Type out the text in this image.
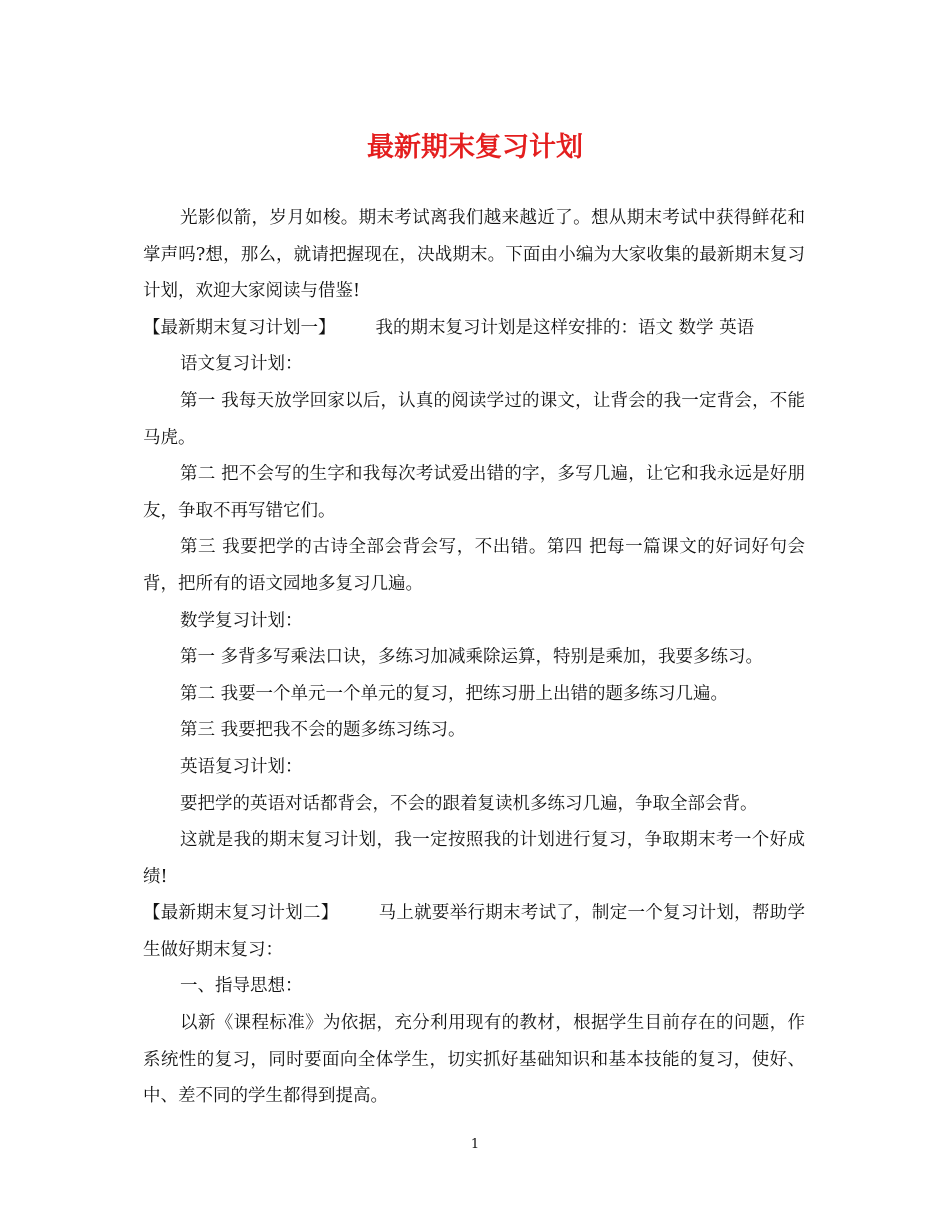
最新期末复习计划

光影似箭，岁月如梭。期末考试离我们越来越近了。想从期末考试中获得鲜花和掌声吗?想，那么，就请把握现在，决战期末。下面由小编为大家收集的最新期末复习计划，欢迎大家阅读与借鉴!

【最新期末复习计划一】 我的期末复习计划是这样安排的：语文 数学 英语

语文复习计划：

第一 我每天放学回家以后，认真的阅读学过的课文，让背会的我一定背会，不能马虎。

第二 把不会写的生字和我每次考试爱出错的字，多写几遍，让它和我永远是好朋友，争取不再写错它们。

第三 我要把学的古诗全部会背会写，不出错。第四 把每一篇课文的好词好句会背，把所有的语文园地多复习几遍。

数学复习计划：

第一 多背多写乘法口诀，多练习加减乘除运算，特别是乘加，我要多练习。

第二 我要一个单元一个单元的复习，把练习册上出错的题多练习几遍。

第三 我要把我不会的题多练习练习。

英语复习计划：

要把学的英语对话都背会，不会的跟着复读机多练习几遍，争取全部会背。

这就是我的期末复习计划，我一定按照我的计划进行复习，争取期末考一个好成绩!

【最新期末复习计划二】 马上就要举行期末考试了，制定一个复习计划，帮助学生做好期末复习：

一、指导思想：

以新《课程标准》为依据，充分利用现有的教材，根据学生目前存在的问题，作系统性的复习，同时要面向全体学生，切实抓好基础知识和基本技能的复习，使好、中、差不同的学生都得到提高。

1
